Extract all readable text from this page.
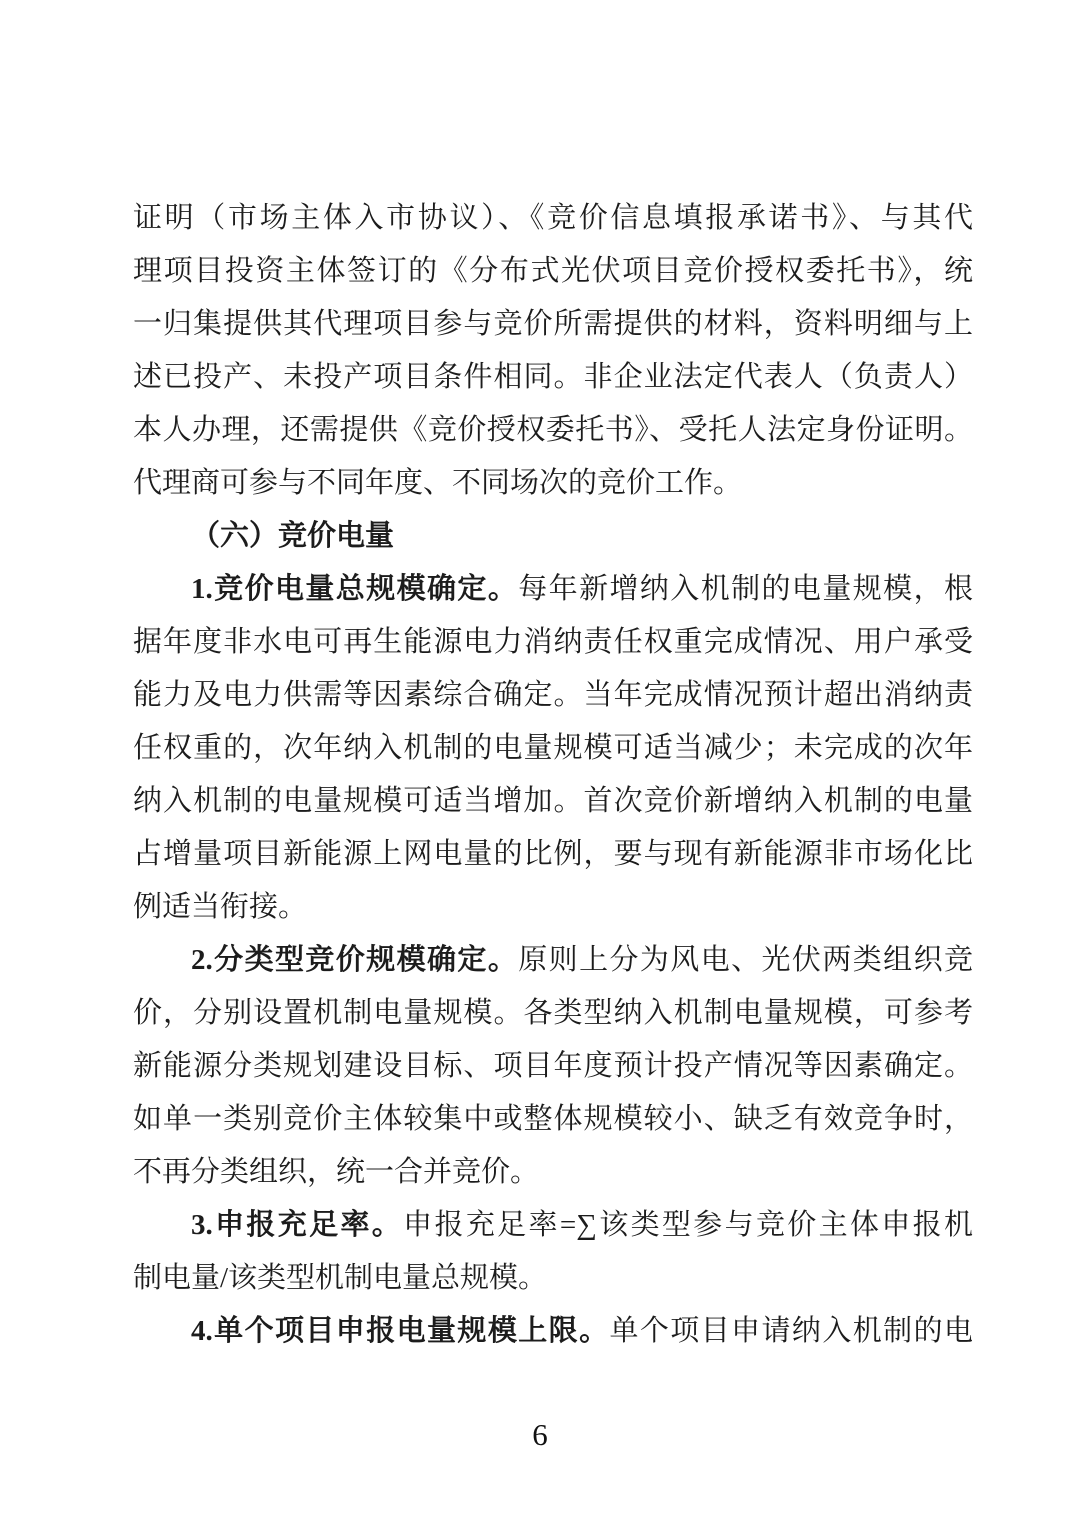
证明（市场主体入市协议）、《竞价信息填报承诺书》、与其代
理项目投资主体签订的《分布式光伏项目竞价授权委托书》，统
一归集提供其代理项目参与竞价所需提供的材料，资料明细与上
述已投产、未投产项目条件相同。非企业法定代表人（负责人）
本人办理，还需提供《竞价授权委托书》、受托人法定身份证明。
代理商可参与不同年度、不同场次的竞价工作。
（六）竞价电量
1.竞价电量总规模确定。每年新增纳入机制的电量规模，根
据年度非水电可再生能源电力消纳责任权重完成情况、用户承受
能力及电力供需等因素综合确定。当年完成情况预计超出消纳责
任权重的，次年纳入机制的电量规模可适当减少；未完成的次年
纳入机制的电量规模可适当增加。首次竞价新增纳入机制的电量
占增量项目新能源上网电量的比例，要与现有新能源非市场化比
例适当衔接。
2.分类型竞价规模确定。原则上分为风电、光伏两类组织竞
价，分别设置机制电量规模。各类型纳入机制电量规模，可参考
新能源分类规划建设目标、项目年度预计投产情况等因素确定。
如单一类别竞价主体较集中或整体规模较小、缺乏有效竞争时，
不再分类组织，统一合并竞价。
3.申报充足率。申报充足率=∑该类型参与竞价主体申报机
制电量/该类型机制电量总规模。
4.单个项目申报电量规模上限。单个项目申请纳入机制的电
6
